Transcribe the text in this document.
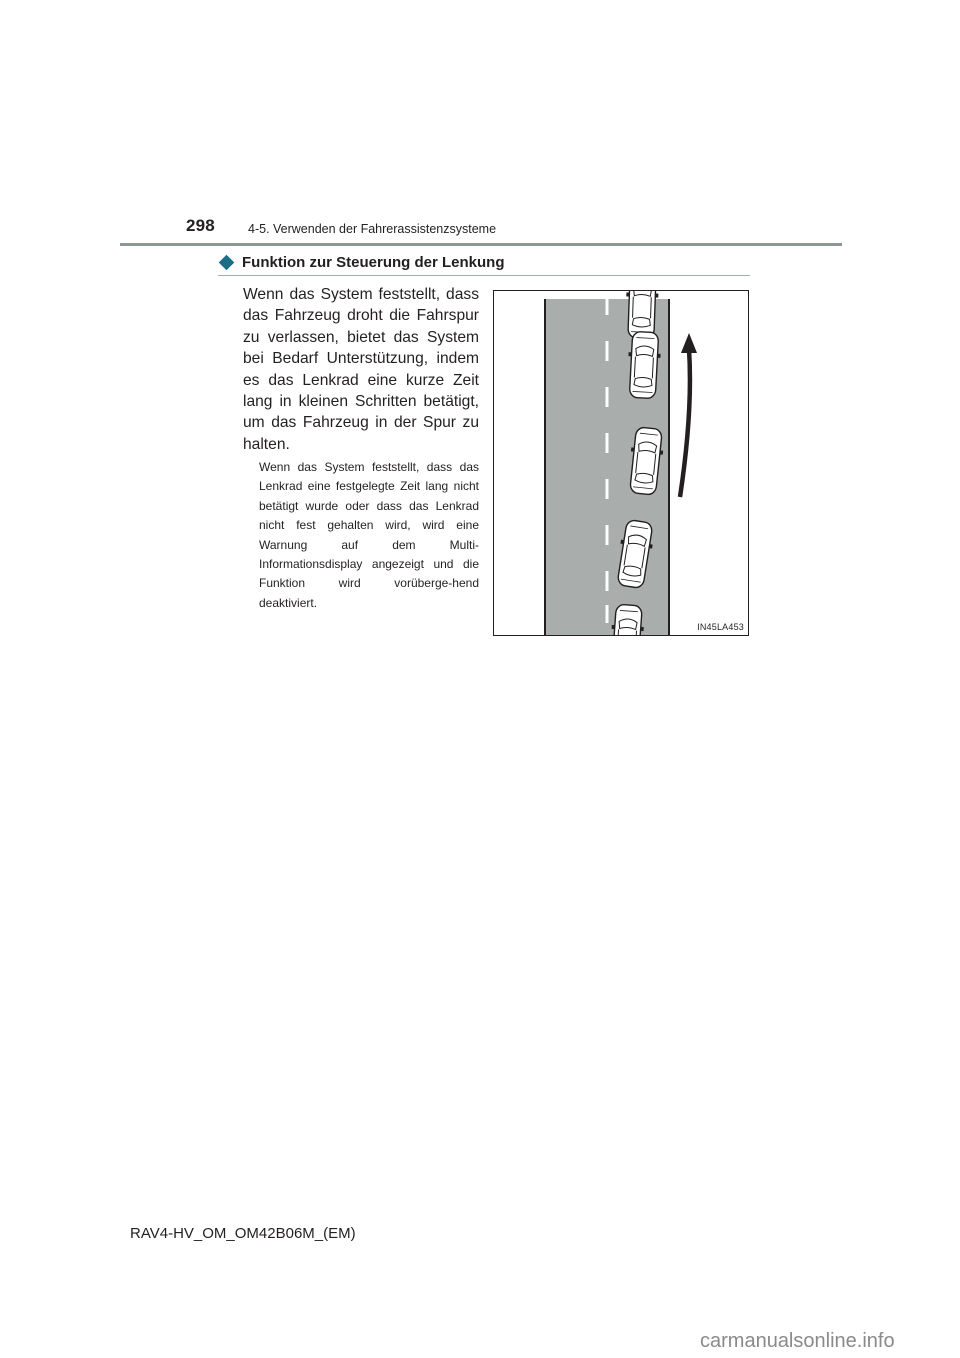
298	4-5. Verwenden der Fahrerassistenzsysteme
Funktion zur Steuerung der Lenkung
Wenn das System feststellt, dass das Fahrzeug droht die Fahrspur zu verlassen, bietet das System bei Bedarf Unterstützung, indem es das Lenkrad eine kurze Zeit lang in kleinen Schritten betätigt, um das Fahrzeug in der Spur zu halten.
Wenn das System feststellt, dass das Lenkrad eine festgelegte Zeit lang nicht betätigt wurde oder dass das Lenkrad nicht fest gehalten wird, wird eine Warnung auf dem Multi-Informationsdisplay angezeigt und die Funktion wird vorüberge-hend deaktiviert.
IN45LA453
RAV4-HV_OM_OM42B06M_(EM)
carmanualsonline.info
